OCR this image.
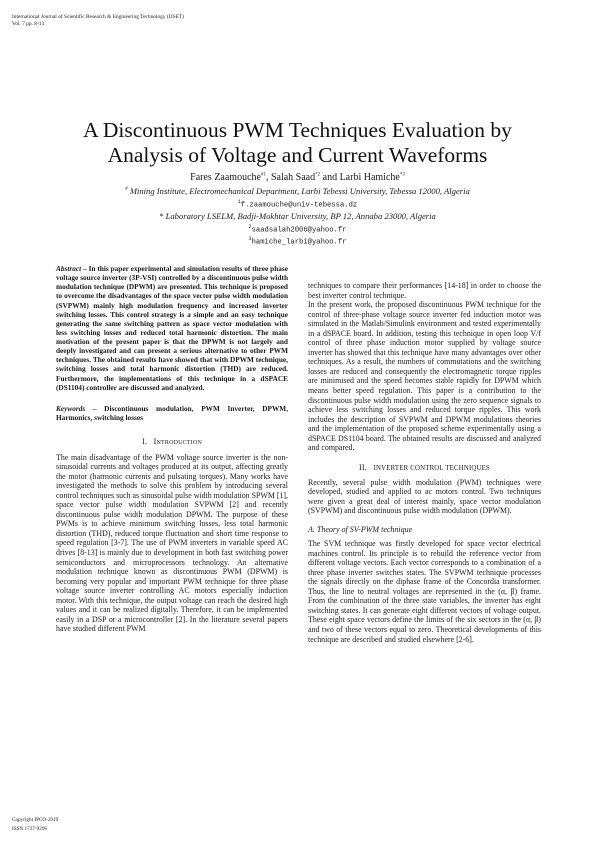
International Journal of Scientific Research & Engineering Technology (IJSET)
Vol. 7 pp. 8-13
A Discontinuous PWM Techniques Evaluation by
Analysis of Voltage and Current Waveforms
Fares Zaamouche$^{\#1}$, Salah Saad$^{*2}$ and Larbi Hamiche$^{*3}$
# Mining Institute, Electromechanical Department, Larbi Tebessi University, Tebessa 12000, Algeria
$^1$f.zaamouche@univ-tebessa.dz
* Laboratory LSELM, Badji-Mokhtar University, BP 12, Annaba 23000, Algeria
$^2$saadsalah2006@yahoo.fr
$^3$hamiche_larbi@yahoo.fr

Abstract – In this paper experimental and simulation results of three phase voltage source inverter (3P-VSI) controlled by a discontinuous pulse width modulation technique (DPWM) are presented. This technique is proposed to overcome the disadvantages of the space vector pulse width modulation (SVPWM) mainly high modulation frequency and increased inverter switching losses. This control strategy is a simple and an easy technique generating the same switching pattern as space vector modulation with less switching losses and reduced total harmonic distortion. The main motivation of the present paper is that the DPWM is not largely and deeply investigated and can present a serious alternative to other PWM techniques. The obtained results have showed that with DPWM technique, switching losses and total harmonic distortion (THD) are reduced. Furthermore, the implementations of this technique in a dSPACE (DS1104) controller are discussed and analyzed.

Keywords – Discontinuous modulation, PWM Inverter, DPWM, Harmonics, switching losses

I. Introduction

The main disadvantage of the PWM voltage source inverter is the non-sinusoidal currents and voltages produced at its output, affecting greatly the motor (harmonic currents and pulsating torques). Many works have investigated the methods to solve this problem by introducing several control techniques such as sinusoidal pulse width modulation SPWM [1], space vector pulse width modulation SVPWM [2] and recently discontinuous pulse width modulation DPWM. The purpose of these PWMs is to achieve minimum switching losses, less total harmonic distortion (THD), reduced torque fluctuation and short time response to speed regulation [3-7]. The use of PWM inverters in variable speed AC drives [8-13] is mainly due to development in both fast switching power semiconductors and microprocessors technology. An alternative modulation technique known as discontinuous PWM (DPWM) is becoming very popular and important PWM technique for three phase voltage source inverter controlling AC motors especially induction motor. With this technique, the output voltage can reach the desired high values and it can be realized digitally. Therefore, it can be implemented easily in a DSP or a microcontroller [2]. In the literature several papers have studied different PWM

techniques to compare their performances [14-18] in order to choose the best inverter control technique.

In the present work, the proposed discontinuous PWM technique for the control of three-phase voltage source inverter fed induction motor was simulated in the Matlab/Simulink environment and tested experimentally in a dSPACE board. In addition, testing this technique in open loop V/f control of three phase induction motor supplied by voltage source inverter has showed that this technique have many advantages over other techniques. As a result, the numbers of commutations and the switching losses are reduced and consequently the electromagnetic torque ripples are minimised and the speed becomes stable rapidly for DPWM which means better speed regulation. This paper is a contribution to the discontinuous pulse width modulation using the zero sequence signals to achieve less switching losses and reduced torque ripples. This work includes the description of SVPWM and DPWM modulations theories and the implementation of the proposed scheme experimentally using a dSPACE DS1104 board. The obtained results are discussed and analyzed and compared.

II. INVERTER CONTROL TECHNIQUES

Recently, several pulse width modulation (PWM) techniques were developed, studied and applied to ac motors control. Two techniques were given a great deal of interest mainly, space vector modulation (SVPWM) and discontinuous pulse width modulation (DPWM).

A. Theory of SV-PWM technique

The SVM technique was firstly developed for space vector electrical machines control. Its principle is to rebuild the reference vector from different voltage vectors. Each vector corresponds to a combination of a three phase inverter switches states. The SVPWM technique processes the signals directly on the diphase frame of the Concordia transformer. Thus, the line to neutral voltages are represented in the (α, β) frame. From the combination of the three state variables, the inverter has eight switching states. It can generate eight different vectors of voltage output. These eight space vectors define the limits of the six sectors in the (α, β) and two of these vectors equal to zero. Theoretical developments of this technique are described and studied elsewhere [2-6].

Copyright IPCO-2019
ISSN 1737-9296
